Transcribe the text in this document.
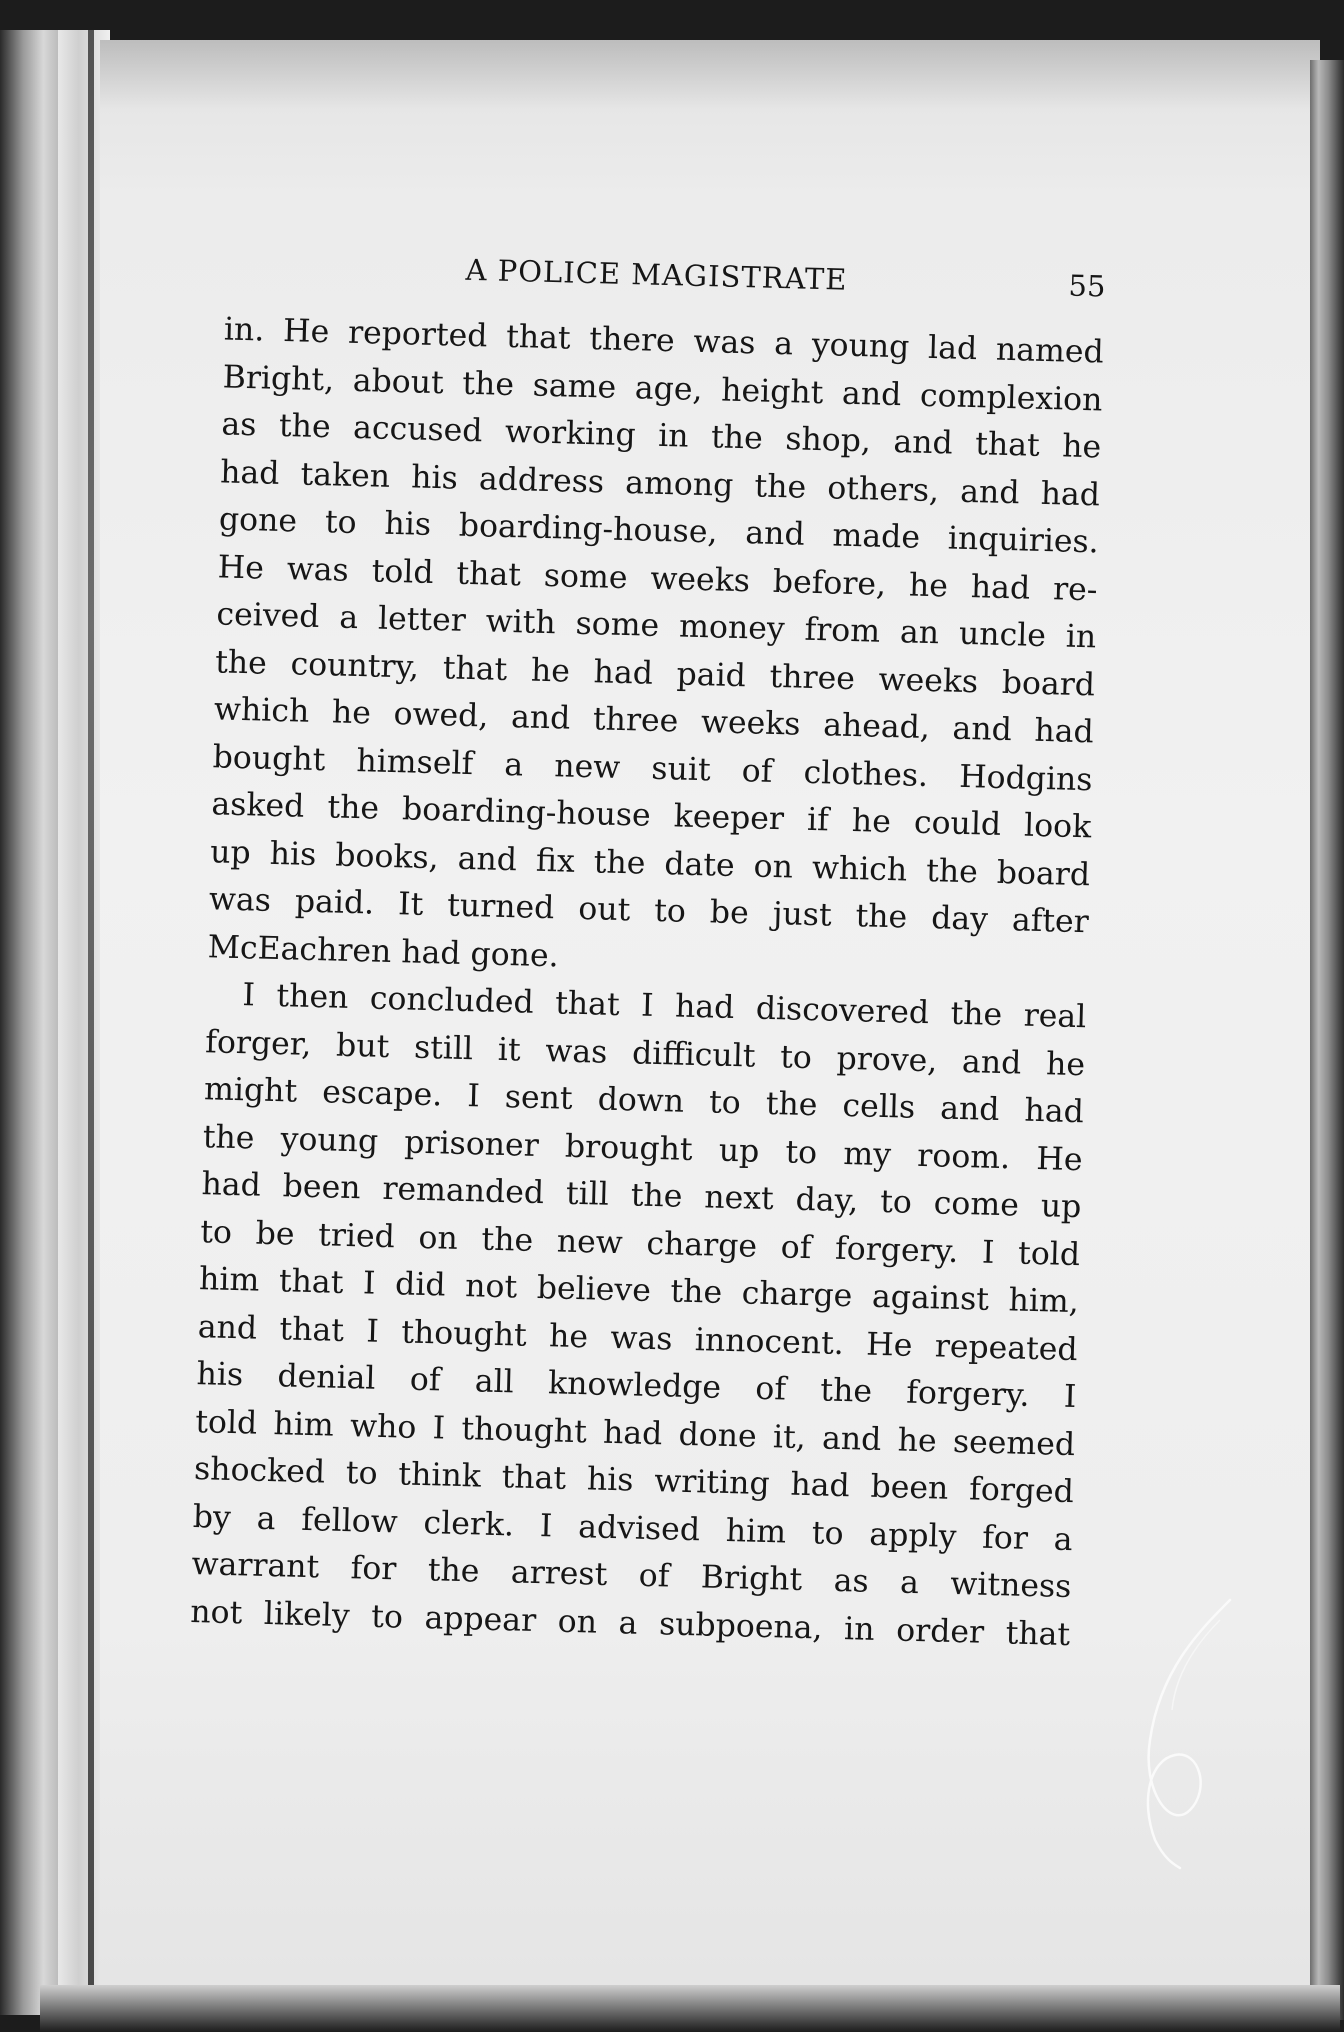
A POLICE MAGISTRATE	55
in. He reported that there was a young lad named
Bright, about the same age, height and complexion
as the accused working in the shop, and that he
had taken his address among the others, and had
gone to his boarding-house, and made inquiries.
He was told that some weeks before, he had re-
ceived a letter with some money from an uncle in
the country, that he had paid three weeks board
which he owed, and three weeks ahead, and had
bought himself a new suit of clothes. Hodgins
asked the boarding-house keeper if he could look
up his books, and fix the date on which the board
was paid. It turned out to be just the day after
McEachren had gone.
I then concluded that I had discovered the real
forger, but still it was difficult to prove, and he
might escape. I sent down to the cells and had
the young prisoner brought up to my room. He
had been remanded till the next day, to come up
to be tried on the new charge of forgery. I told
him that I did not believe the charge against him,
and that I thought he was innocent. He repeated
his denial of all knowledge of the forgery. I
told him who I thought had done it, and he seemed
shocked to think that his writing had been forged
by a fellow clerk. I advised him to apply for a
warrant for the arrest of Bright as a witness
not likely to appear on a subpoena, in order that
